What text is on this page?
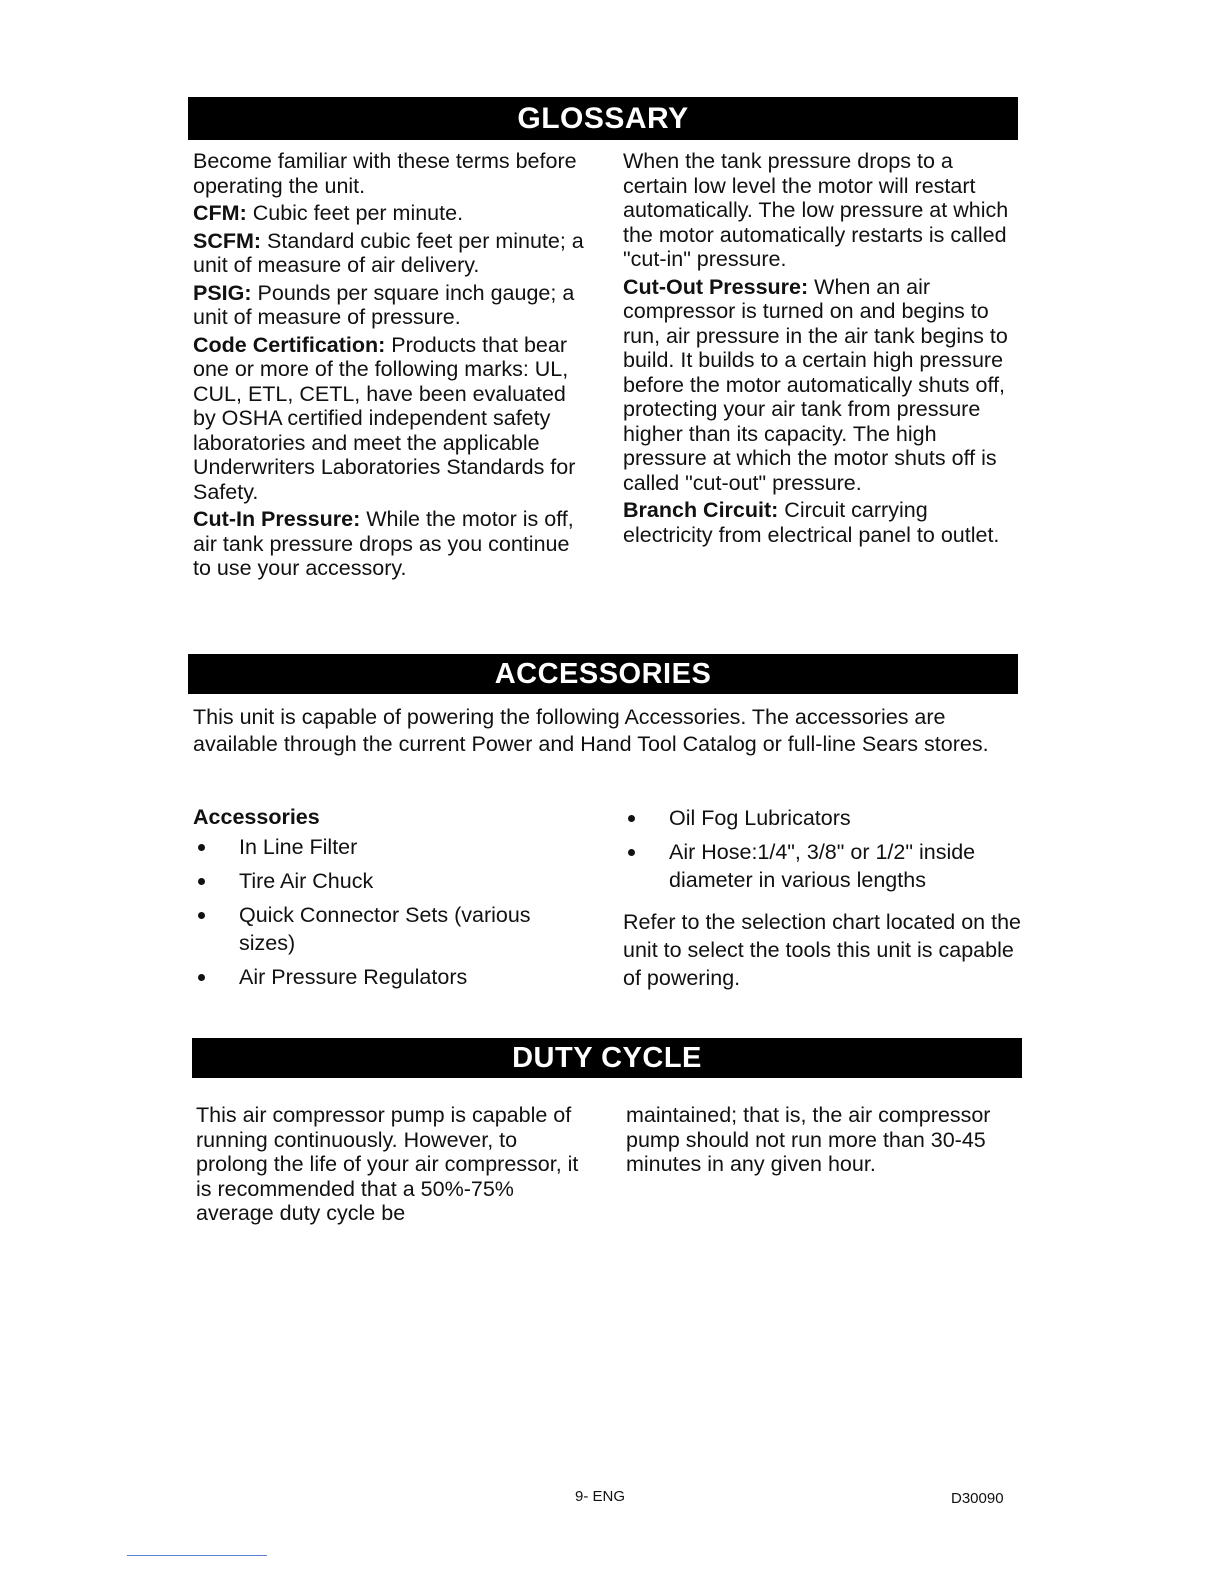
GLOSSARY

Become familiar with these terms before operating the unit.

CFM: Cubic feet per minute.

SCFM: Standard cubic feet per minute; a unit of measure of air delivery.

PSIG: Pounds per square inch gauge; a unit of measure of pressure.

Code Certification: Products that bear one or more of the following marks: UL, CUL, ETL, CETL, have been evaluated by OSHA certified independent safety laboratories and meet the applicable Underwriters Laboratories Standards for Safety.

Cut-In Pressure: While the motor is off, air tank pressure drops as you continue to use your accessory.

When the tank pressure drops to a certain low level the motor will restart automatically. The low pressure at which the motor automatically restarts is called "cut-in" pressure.

Cut-Out Pressure: When an air compressor is turned on and begins to run, air pressure in the air tank begins to build. It builds to a certain high pressure before the motor automatically shuts off, protecting your air tank from pressure higher than its capacity. The high pressure at which the motor shuts off is called "cut-out" pressure.

Branch Circuit: Circuit carrying electricity from electrical panel to outlet.

ACCESSORIES

This unit is capable of powering the following Accessories. The accessories are available through the current Power and Hand Tool Catalog or full-line Sears stores.

Accessories

In Line Filter
Tire Air Chuck
Quick Connector Sets (various sizes)
Air Pressure Regulators
Oil Fog Lubricators
Air Hose:1/4", 3/8" or 1/2" inside diameter in various lengths

Refer to the selection chart located on the unit to select the tools this unit is capable of powering.

DUTY CYCLE

This air compressor pump is capable of running continuously. However, to prolong the life of your air compressor, it is recommended that a 50%-75% average duty cycle be

maintained; that is, the air compressor pump should not run more than 30-45 minutes in any given hour.

9- ENG	D30090
